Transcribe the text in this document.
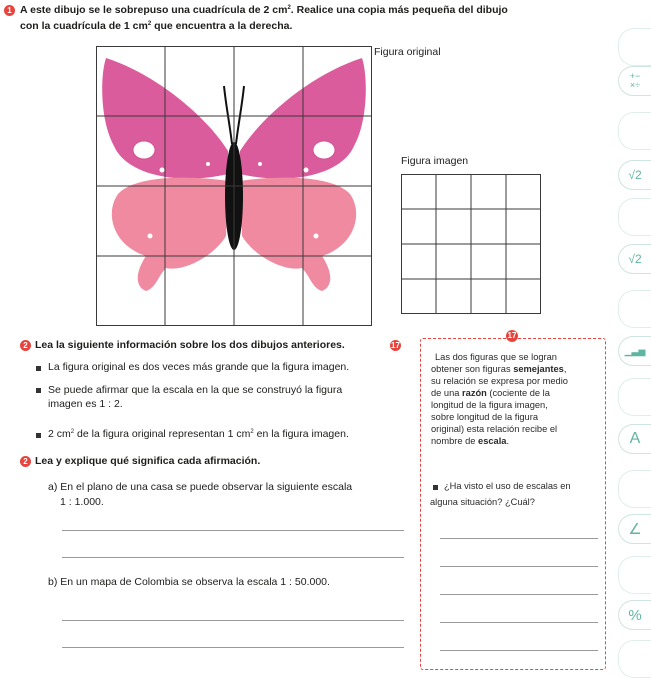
1 A este dibujo se le sobrepuso una cuadrícula de 2 $cm^2$. Realice una copia más pequeña del dibujo
con la cuadrícula de 1 $cm^2$ que encuentra a la derecha.
Figura original
Figura imagen
2 Lea la siguiente información sobre los dos dibujos anteriores.	17
La figura original es dos veces más grande que la figura imagen.
Se puede afirmar que la escala en la que se construyó la figura imagen es 1 : 2.
2 $cm^2$ de la figura original representan 1 $cm^2$ en la figura imagen.
2 Lea y explique qué significa cada afirmación.
a) En el plano de una casa se puede observar la siguiente escala
1 : 1.000.
b) En un mapa de Colombia se observa la escala 1 : 50.000.
17
Las dos figuras que se logran
obtener son figuras semejantes,
su relación se expresa por medio
de una razón (cociente de la
longitud de la figura imagen,
sobre longitud de la figura
original) esta relación recibe el
nombre de escala.
¿Ha visto el uso de escalas en
alguna situación? ¿Cuál?
+−
×÷
√2
√2
▁▃▅
A
∠
%
